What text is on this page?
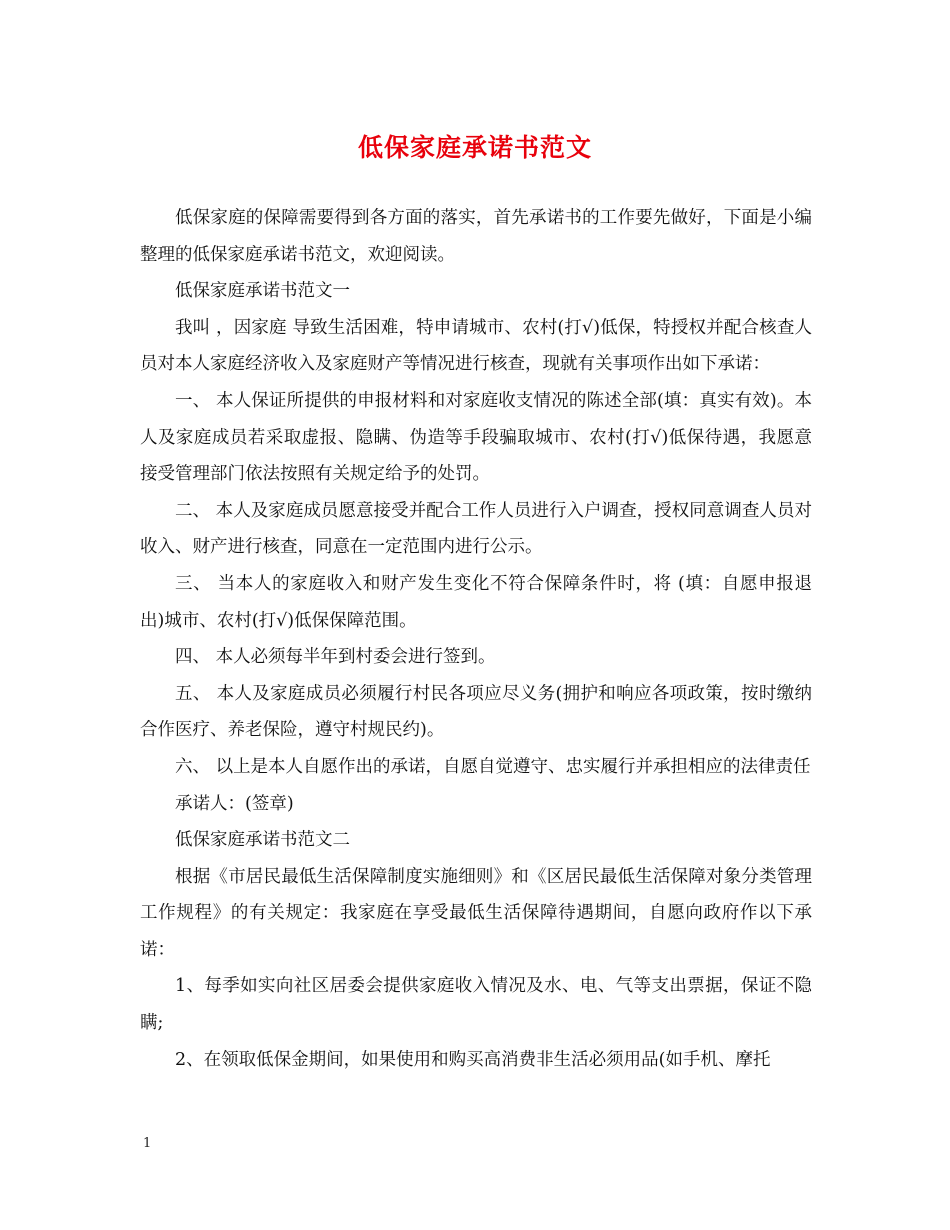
低保家庭承诺书范文

低保家庭的保障需要得到各方面的落实，首先承诺书的工作要先做好，下面是小编整理的低保家庭承诺书范文，欢迎阅读。

低保家庭承诺书范文一

我叫 ，因家庭 导致生活困难，特申请城市、农村(打√)低保，特授权并配合核查人员对本人家庭经济收入及家庭财产等情况进行核查，现就有关事项作出如下承诺：

一、 本人保证所提供的申报材料和对家庭收支情况的陈述全部(填：真实有效)。本人及家庭成员若采取虚报、隐瞒、伪造等手段骗取城市、农村(打√)低保待遇，我愿意接受管理部门依法按照有关规定给予的处罚。

二、 本人及家庭成员愿意接受并配合工作人员进行入户调查，授权同意调查人员对收入、财产进行核查，同意在一定范围内进行公示。

三、 当本人的家庭收入和财产发生变化不符合保障条件时，将 (填：自愿申报退出)城市、农村(打√)低保保障范围。

四、 本人必须每半年到村委会进行签到。

五、 本人及家庭成员必须履行村民各项应尽义务(拥护和响应各项政策，按时缴纳合作医疗、养老保险，遵守村规民约)。

六、 以上是本人自愿作出的承诺，自愿自觉遵守、忠实履行并承担相应的法律责任

承诺人：(签章)

低保家庭承诺书范文二

根据《市居民最低生活保障制度实施细则》和《区居民最低生活保障对象分类管理工作规程》的有关规定：我家庭在享受最低生活保障待遇期间，自愿向政府作以下承诺：

1、每季如实向社区居委会提供家庭收入情况及水、电、气等支出票据，保证不隐瞒;

2、在领取低保金期间，如果使用和购买高消费非生活必须用品(如手机、摩托

1
